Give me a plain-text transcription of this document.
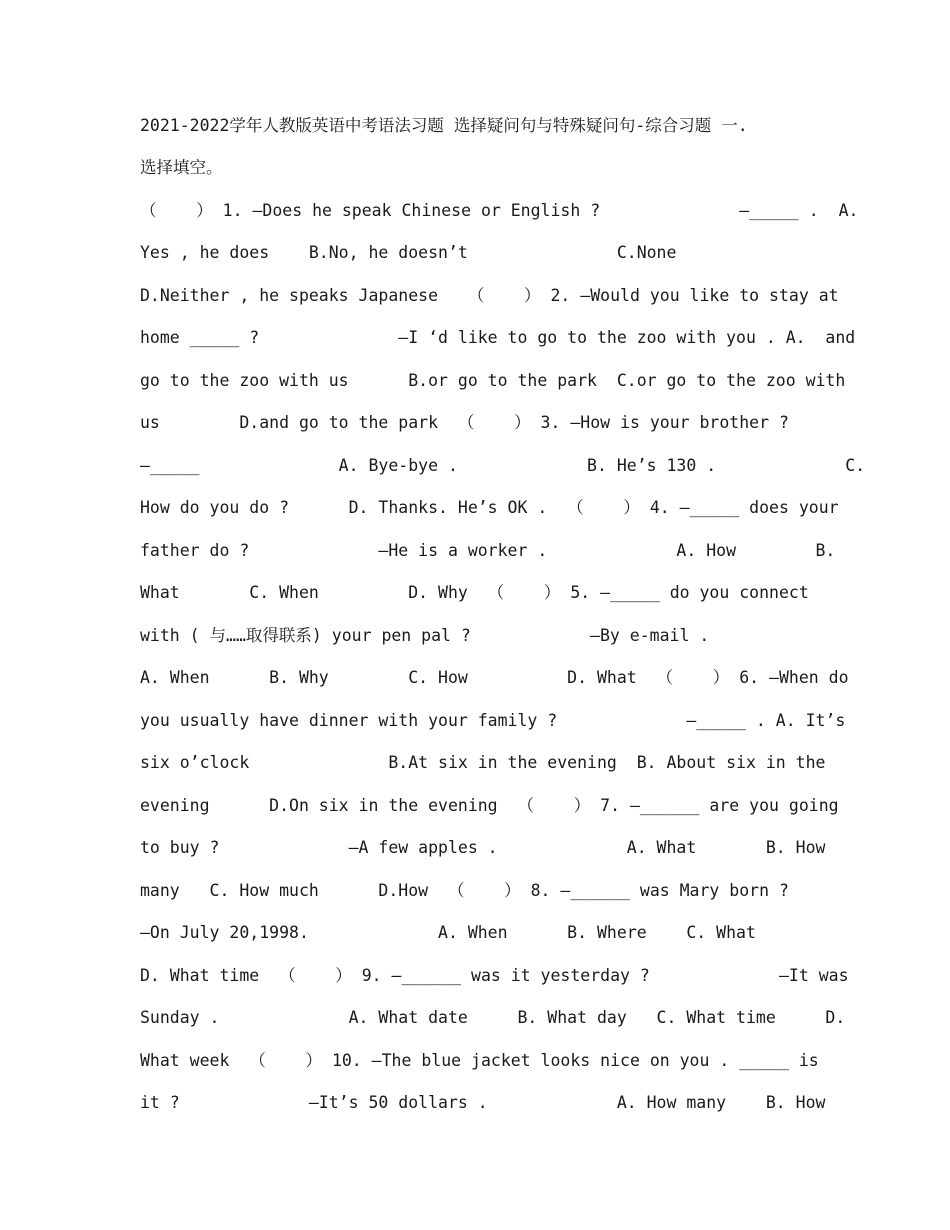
2021-2022学年人教版英语中考语法习题 选择疑问句与特殊疑问句-综合习题 一.
选择填空。
（    ） 1. —Does he speak Chinese or English ?              —_____ .  A.
Yes , he does    B.No, he doesn’t               C.None
D.Neither , he speaks Japanese   （    ） 2. —Would you like to stay at
home _____ ?              —I ‘d like to go to the zoo with you . A.  and
go to the zoo with us      B.or go to the park  C.or go to the zoo with
us        D.and go to the park  （    ） 3. —How is your brother ?
—_____              A. Bye-bye .             B. He’s 130 .             C.
How do you do ?      D. Thanks. He’s OK .  （    ） 4. —_____ does your
father do ?             —He is a worker .             A. How        B.
What       C. When         D. Why  （    ） 5. —_____ do you connect
with ( 与……取得联系) your pen pal ?            —By e-mail .
A. When      B. Why        C. How          D. What  （    ） 6. —When do
you usually have dinner with your family ?             —_____ . A. It’s
six o’clock              B.At six in the evening  B. About six in the
evening      D.On six in the evening  （    ） 7. —______ are you going
to buy ?             —A few apples .             A. What       B. How
many   C. How much      D.How  （    ） 8. —______ was Mary born ?
—On July 20,1998.             A. When      B. Where    C. What
D. What time  （    ） 9. —______ was it yesterday ?             —It was
Sunday .             A. What date     B. What day   C. What time     D.
What week  （    ） 10. —The blue jacket looks nice on you . _____ is
it ?             —It’s 50 dollars .             A. How many    B. How
